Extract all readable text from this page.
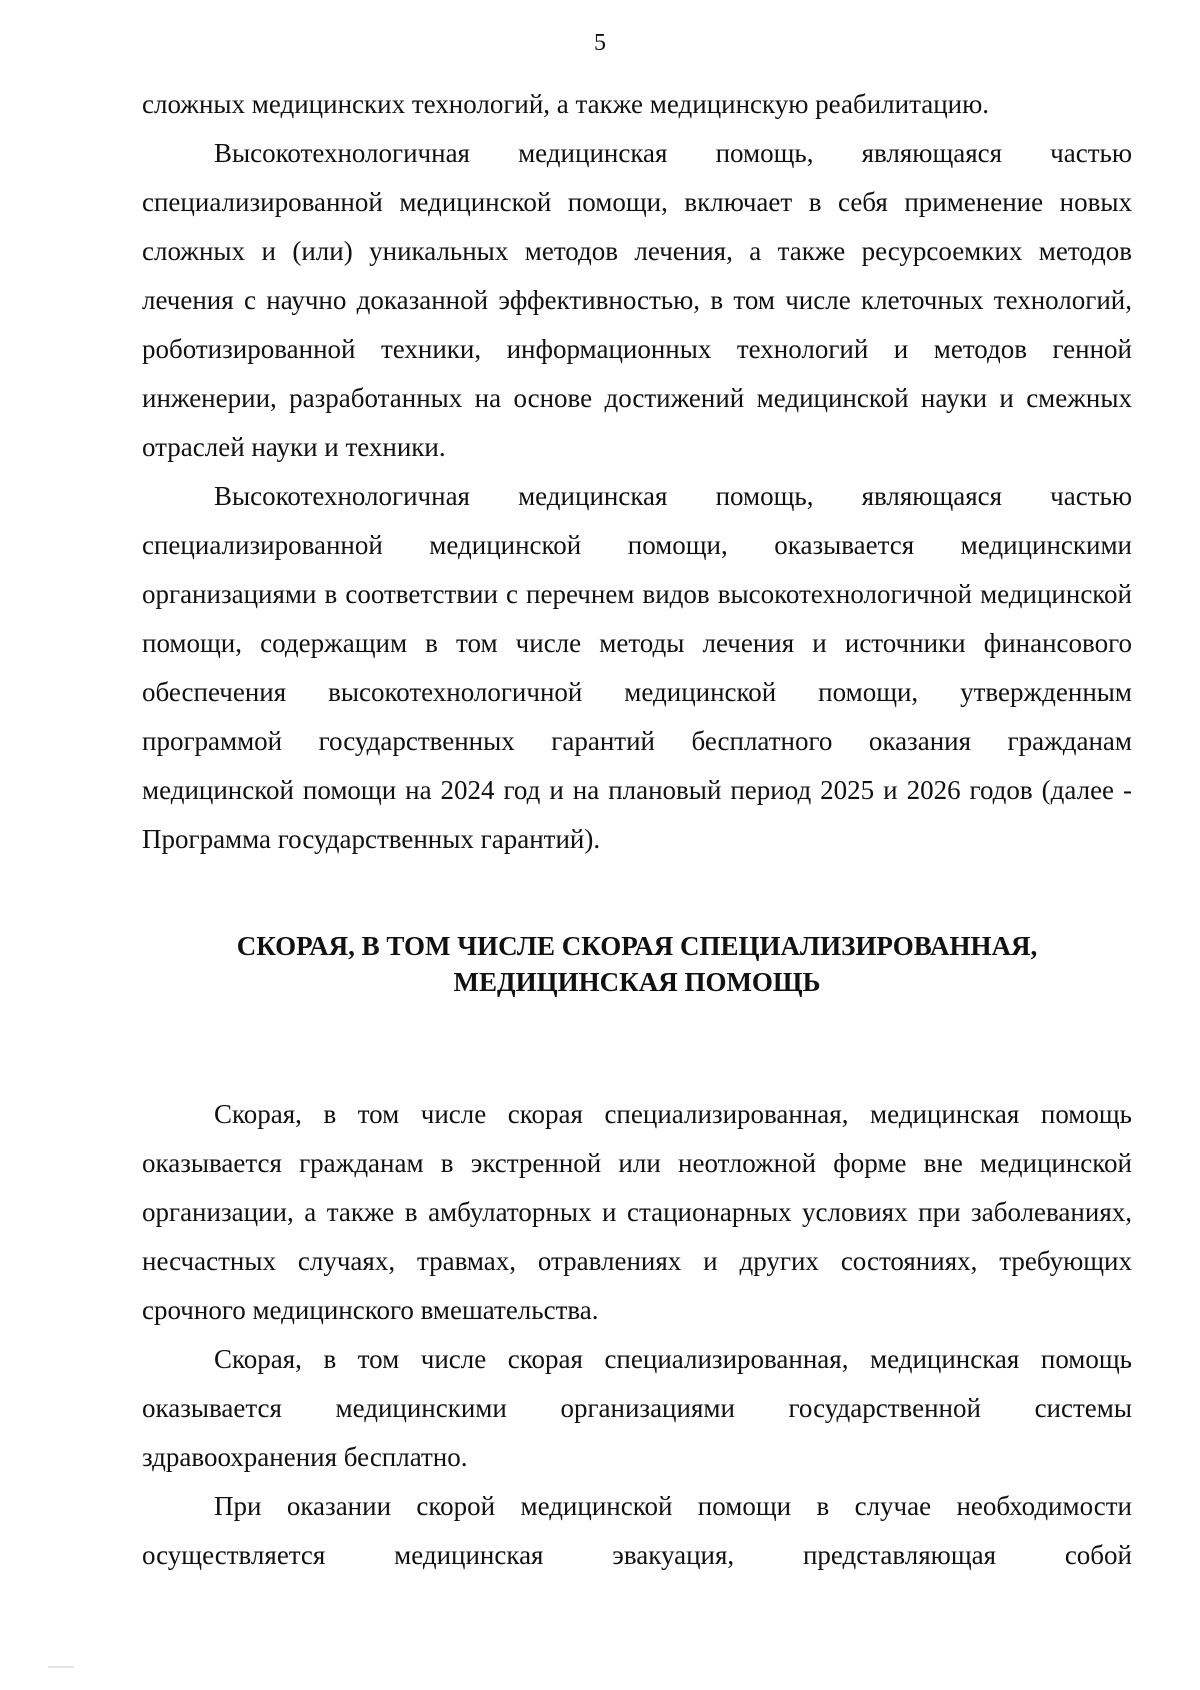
5

сложных медицинских технологий, а также медицинскую реабилитацию.

Высокотехнологичная медицинская помощь, являющаяся частью специализированной медицинской помощи, включает в себя применение новых сложных и (или) уникальных методов лечения, а также ресурсоемких методов лечения с научно доказанной эффективностью, в том числе клеточных технологий, роботизированной техники, информационных технологий и методов генной инженерии, разработанных на основе достижений медицинской науки и смежных отраслей науки и техники.

Высокотехнологичная медицинская помощь, являющаяся частью специализированной медицинской помощи, оказывается медицинскими организациями в соответствии с перечнем видов высокотехнологичной медицинской помощи, содержащим в том числе методы лечения и источники финансового обеспечения высокотехнологичной медицинской помощи, утвержденным программой государственных гарантий бесплатного оказания гражданам медицинской помощи на 2024 год и на плановый период 2025 и 2026 годов (далее - Программа государственных гарантий).

СКОРАЯ, В ТОМ ЧИСЛЕ СКОРАЯ СПЕЦИАЛИЗИРОВАННАЯ,
МЕДИЦИНСКАЯ ПОМОЩЬ

Скорая, в том числе скорая специализированная, медицинская помощь оказывается гражданам в экстренной или неотложной форме вне медицинской организации, а также в амбулаторных и стационарных условиях при заболеваниях, несчастных случаях, травмах, отравлениях и других состояниях, требующих срочного медицинского вмешательства.

Скорая, в том числе скорая специализированная, медицинская помощь оказывается медицинскими организациями государственной системы здравоохранения бесплатно.

При оказании скорой медицинской помощи в случае необходимости осуществляется медицинская эвакуация, представляющая собой
